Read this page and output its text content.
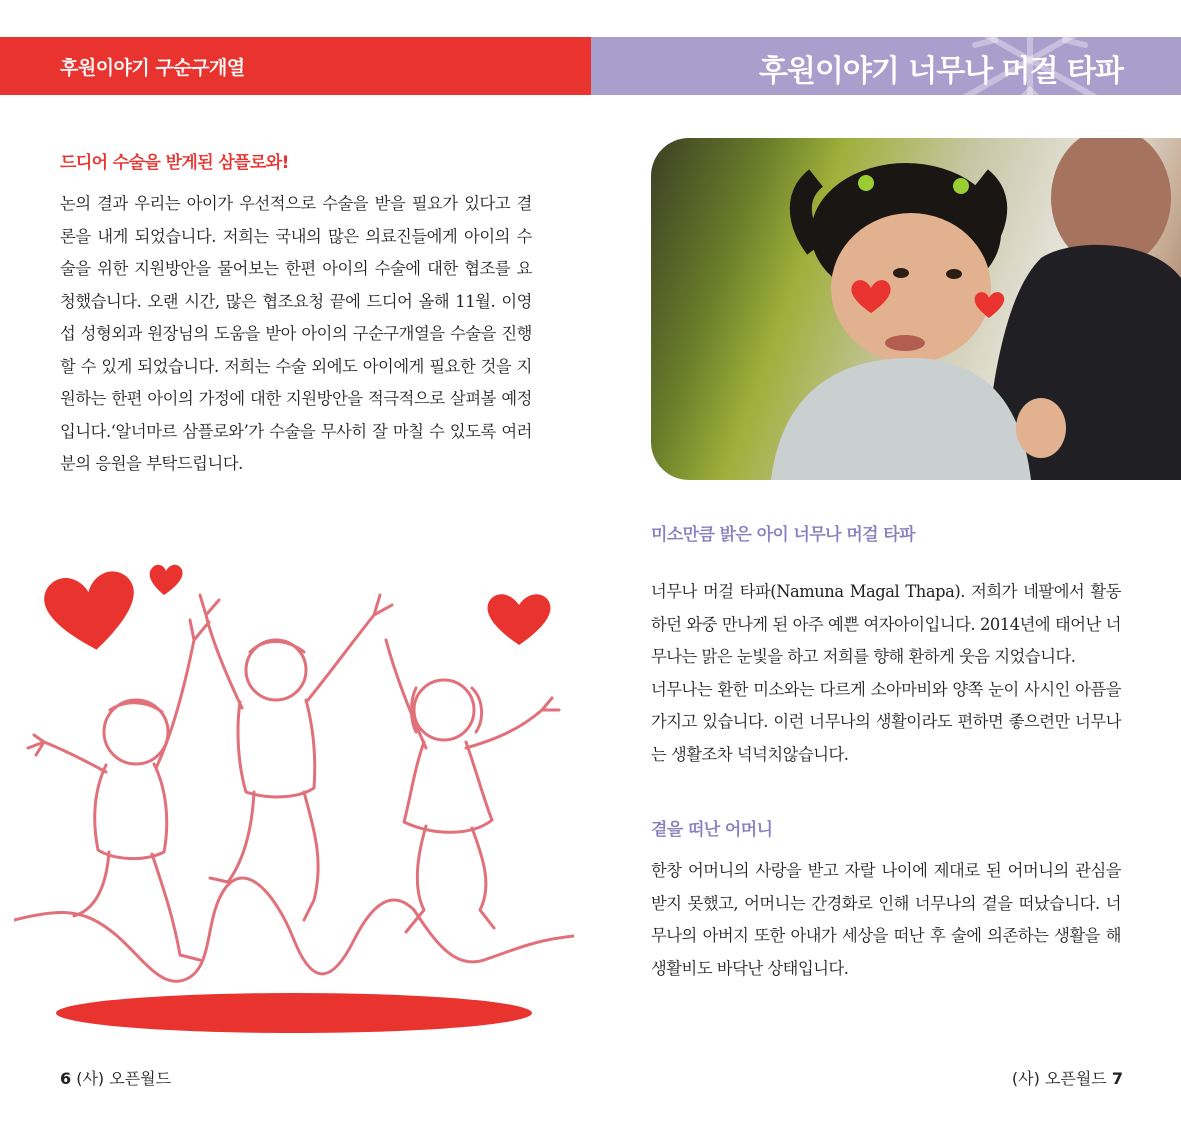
후원이야기 구순구개열	후원이야기 너무나 머걸 타파
드디어 수술을 받게된 삼플로와!

논의 결과 우리는 아이가 우선적으로 수술을 받을 필요가 있다고 결론을 내게 되었습니다. 저희는 국내의 많은 의료진들에게 아이의 수술을 위한 지원방안을 물어보는 한편 아이의 수술에 대한 협조를 요청했습니다. 오랜 시간, 많은 협조요청 끝에 드디어 올해 11월. 이영섭 성형외과 원장님의 도움을 받아 아이의 구순구개열을 수술을 진행할 수 있게 되었습니다. 저희는 수술 외에도 아이에게 필요한 것을 지원하는 한편 아이의 가정에 대한 지원방안을 적극적으로 살펴볼 예정입니다.‘알너마르 삼플로와’가 수술을 무사히 잘 마칠 수 있도록 여러분의 응원을 부탁드립니다.

미소만큼 밝은 아이 너무나 머걸 타파

너무나 머걸 타파(Namuna Magal Thapa). 저희가 네팔에서 활동하던 와중 만나게 된 아주 예쁜 여자아이입니다. 2014년에 태어난 너무나는 맑은 눈빛을 하고 저희를 향해 환하게 웃음 지었습니다.
너무나는 환한 미소와는 다르게 소아마비와 양쪽 눈이 사시인 아픔을 가지고 있습니다. 이런 너무나의 생활이라도 편하면 좋으련만 너무나는 생활조차 넉넉치않습니다.

곁을 떠난 어머니

한창 어머니의 사랑을 받고 자랄 나이에 제대로 된 어머니의 관심을 받지 못했고, 어머니는 간경화로 인해 너무나의 곁을 떠났습니다. 너무나의 아버지 또한 아내가 세상을 떠난 후 술에 의존하는 생활을 해 생활비도 바닥난 상태입니다.

6 (사) 오픈월드	(사) 오픈월드 7
